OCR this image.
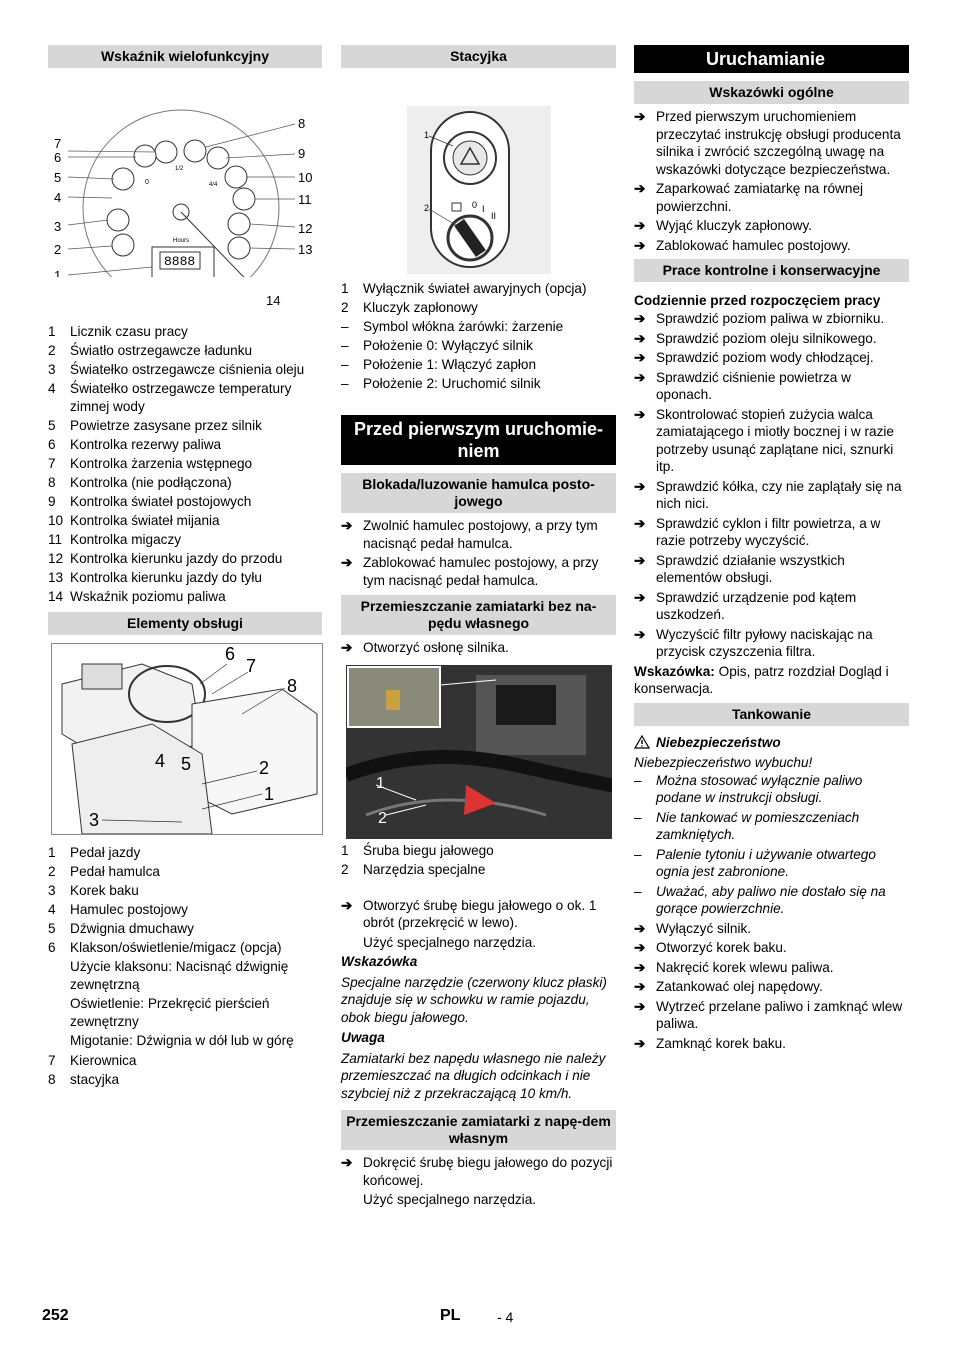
Wskaźnik wielofunkcyjny
7
6
5
4
3
2
1
8
9
10
11
12
13
Hours
0
1/2
4/4
8888
14
1	Licznik czasu pracy
2	Światło ostrzegawcze ładunku
3	Światełko ostrzegawcze ciśnienia oleju
4	Światełko ostrzegawcze temperatury zimnej wody
5	Powietrze zasysane przez silnik
6	Kontrolka rezerwy paliwa
7	Kontrolka żarzenia wstępnego
8	Kontrolka (nie podłączona)
9	Kontrolka świateł postojowych
10 Kontrolka świateł mijania
11 Kontrolka migaczy
12 Kontrolka kierunku jazdy do przodu
13 Kontrolka kierunku jazdy do tyłu
14 Wskaźnik poziomu paliwa
Elementy obsługi
6
7
8
4 5	2
1
3
1	Pedał jazdy
2	Pedał hamulca
3	Korek baku
4	Hamulec postojowy
5	Dźwignia dmuchawy
6	Klakson/oświetlenie/migacz (opcja)
Użycie klaksonu: Nacisnąć dźwignię zewnętrzną
Oświetlenie: Przekręcić pierścień zewnętrzny
Migotanie: Dźwignia w dół lub w górę
7	Kierownica
8	stacyjka
Stacyjka
1
2	0 I
II
1	Wyłącznik świateł awaryjnych (opcja)
2	Kluczyk zapłonowy
–	Symbol włókna żarówki: żarzenie
–	Położenie 0: Wyłączyć silnik
–	Położenie 1: Włączyć zapłon
–	Położenie 2: Uruchomić silnik
Przed pierwszym uruchomie-niem
Blokada/luzowanie hamulca posto-jowego
➔ Zwolnić hamulec postojowy, a przy tym nacisnąć pedał hamulca.
➔ Zablokować hamulec postojowy, a przy tym nacisnąć pedał hamulca.
Przemieszczanie zamiatarki bez na-pędu własnego
➔ Otworzyć osłonę silnika.
1
2
1	Śruba biegu jałowego
2	Narzędzia specjalne
➔ Otworzyć śrubę biegu jałowego o ok. 1 obrót (przekręcić w lewo).
Użyć specjalnego narzędzia.
Wskazówka
Specjalne narzędzie (czerwony klucz płaski) znajduje się w schowku w ramie pojazdu, obok biegu jałowego.
Uwaga
Zamiatarki bez napędu własnego nie należy przemieszczać na długich odcinkach i nie szybciej niż z przekraczającą 10 km/h.
Przemieszczanie zamiatarki z napę-dem własnym
➔ Dokręcić śrubę biegu jałowego do pozycji końcowej.
Użyć specjalnego narzędzia.
Uruchamianie
Wskazówki ogólne
➔ Przed pierwszym uruchomieniem przeczytać instrukcję obsługi producenta silnika i zwrócić szczególną uwagę na wskazówki dotyczące bezpieczeństwa.
➔ Zaparkować zamiatarkę na równej powierzchni.
➔ Wyjąć kluczyk zapłonowy.
➔ Zablokować hamulec postojowy.
Prace kontrolne i konserwacyjne
Codziennie przed rozpoczęciem pracy
➔ Sprawdzić poziom paliwa w zbiorniku.
➔ Sprawdzić poziom oleju silnikowego.
➔ Sprawdzić poziom wody chłodzącej.
➔ Sprawdzić ciśnienie powietrza w oponach.
➔ Skontrolować stopień zużycia walca zamiatającego i miotły bocznej i w razie potrzeby usunąć zaplątane nici, sznurki itp.
➔ Sprawdzić kółka, czy nie zaplątały się na nich nici.
➔ Sprawdzić cyklon i filtr powietrza, a w razie potrzeby wyczyścić.
➔ Sprawdzić działanie wszystkich elementów obsługi.
➔ Sprawdzić urządzenie pod kątem uszkodzeń.
➔ Wyczyścić filtr pyłowy naciskając na przycisk czyszczenia filtra.
Wskazówka: Opis, patrz rozdział Dogląd i konserwacja.
Tankowanie
Niebezpieczeństwo
Niebezpieczeństwo wybuchu!
–	Można stosować wyłącznie paliwo podane w instrukcji obsługi.
–	Nie tankować w pomieszczeniach zamkniętych.
–	Palenie tytoniu i używanie otwartego ognia jest zabronione.
–	Uważać, aby paliwo nie dostało się na gorące powierzchnie.
➔ Wyłączyć silnik.
➔ Otworzyć korek baku.
➔ Nakręcić korek wlewu paliwa.
➔ Zatankować olej napędowy.
➔ Wytrzeć przelane paliwo i zamknąć wlew paliwa.
➔ Zamknąć korek baku.
252	PL	- 4
